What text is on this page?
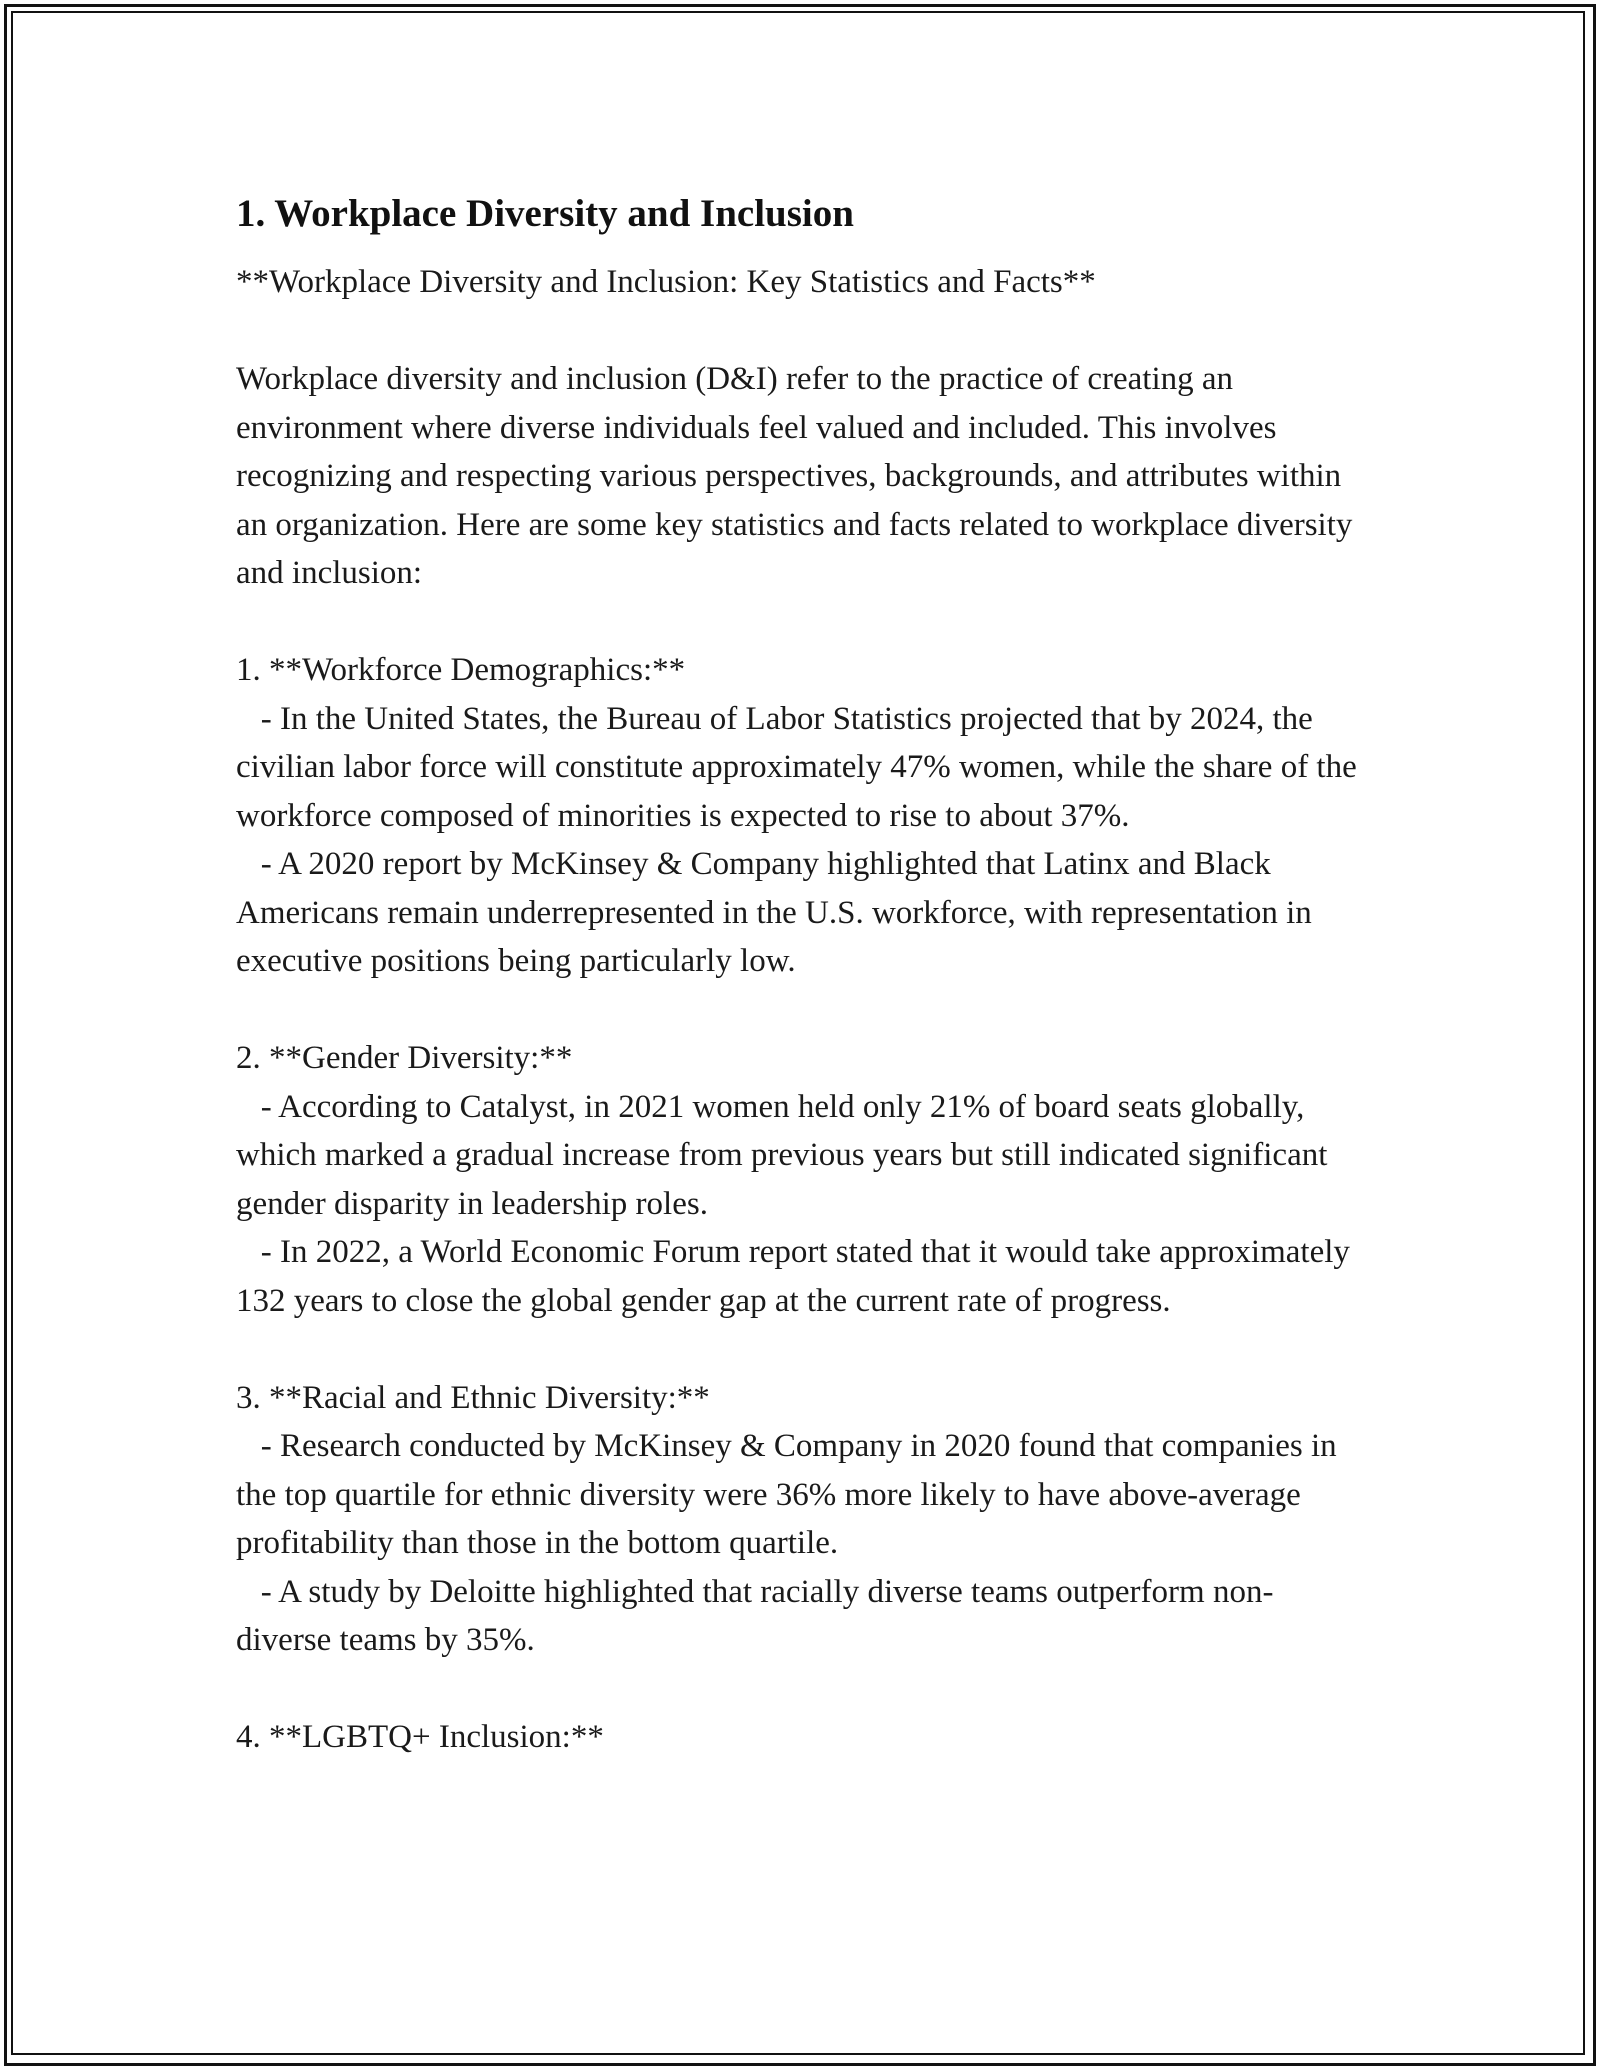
1. Workplace Diversity and Inclusion

**Workplace Diversity and Inclusion: Key Statistics and Facts**

Workplace diversity and inclusion (D&I) refer to the practice of creating an environment where diverse individuals feel valued and included. This involves recognizing and respecting various perspectives, backgrounds, and attributes within an organization. Here are some key statistics and facts related to workplace diversity and inclusion:

1. **Workforce Demographics:**
- In the United States, the Bureau of Labor Statistics projected that by 2024, the civilian labor force will constitute approximately 47% women, while the share of the workforce composed of minorities is expected to rise to about 37%.
- A 2020 report by McKinsey & Company highlighted that Latinx and Black Americans remain underrepresented in the U.S. workforce, with representation in executive positions being particularly low.
2. **Gender Diversity:**
- According to Catalyst, in 2021 women held only 21% of board seats globally, which marked a gradual increase from previous years but still indicated significant gender disparity in leadership roles.
- In 2022, a World Economic Forum report stated that it would take approximately 132 years to close the global gender gap at the current rate of progress.
3. **Racial and Ethnic Diversity:**
- Research conducted by McKinsey & Company in 2020 found that companies in the top quartile for ethnic diversity were 36% more likely to have above-average profitability than those in the bottom quartile.
- A study by Deloitte highlighted that racially diverse teams outperform non-diverse teams by 35%.
4. **LGBTQ+ Inclusion:**
